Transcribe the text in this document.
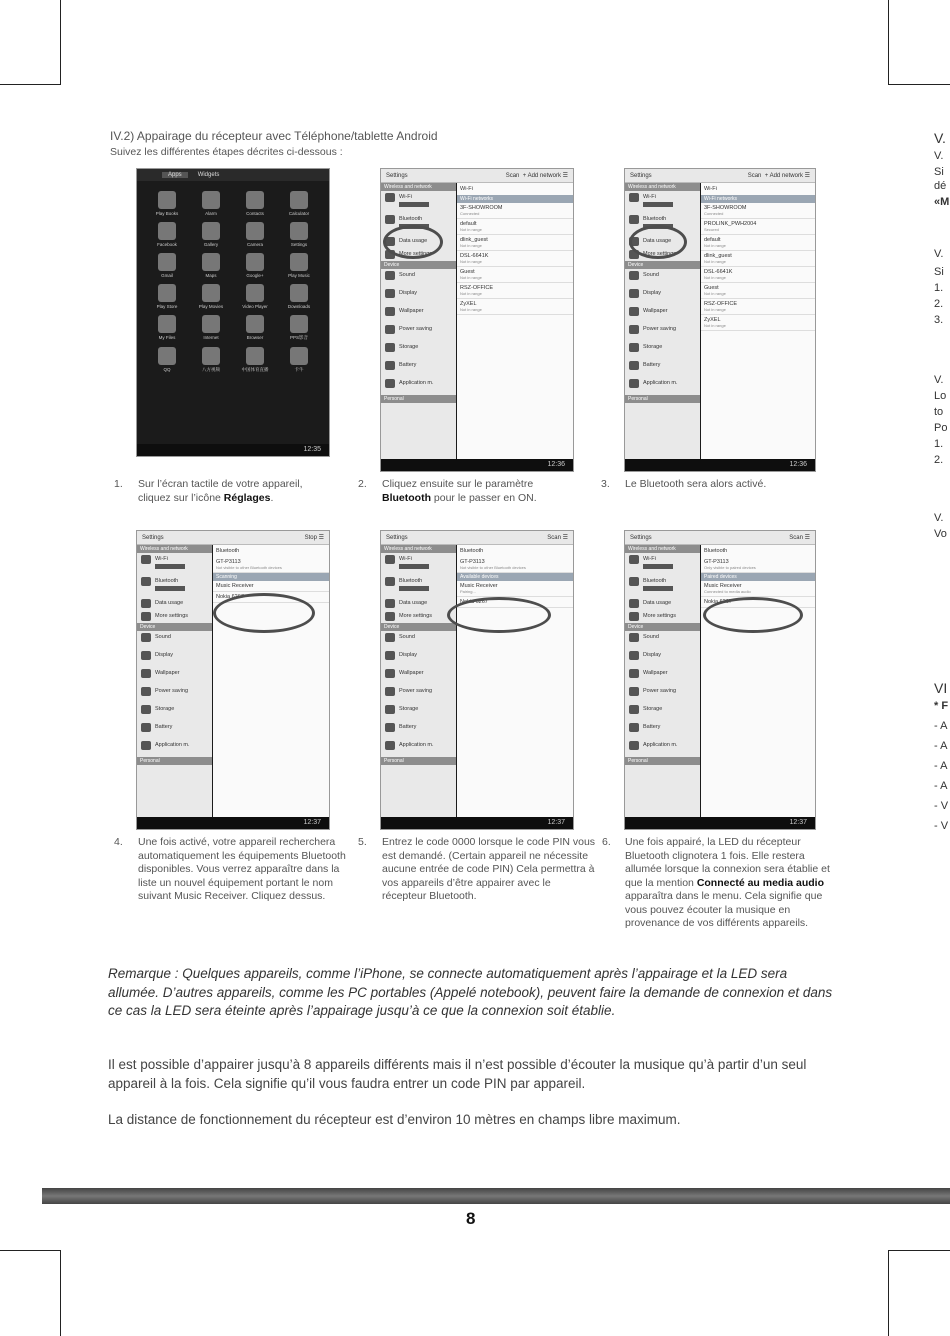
IV.2) Appairage du récepteur avec Téléphone/tablette Android
Suivez les différentes étapes décrites ci-dessous :
Apps	Widgets
Play Books	Alarm	Contacts	Calculator
Facebook	Gallery	Camera	Settings
Gmail	Maps	Google+	Play Music
Play Store	Play Movies	Video Player	Downloads
My Files	Internet	Browser	PPS影音
QQ	八方视频	中国体育直播	卡牛
12:35
Settings	Scan  + Add network ☰
Wireless and network
Wi-Fi
Bluetooth
Data usage
More settings
Device
Sound
Display
Wallpaper
Power saving
Storage
Battery
Application m.
Personal
Wi-Fi
Wi-Fi networks
3F-SHOWROOM
Connected
default
Not in range
dlink_guest
Not in range
DSL-6641K
Not in range
Guest
Not in range
RSZ-OFFICE
Not in range
ZyXEL
Not in range
12:36
Settings	Scan  + Add network ☰
Wireless and network
Wi-Fi
Bluetooth
Data usage
More settings
Device
Sound
Display
Wallpaper
Power saving
Storage
Battery
Application m.
Personal
Wi-Fi
Wi-Fi networks
3F-SHOWROOM
Connected
PROLINK_PWH2004
Secured
default
Not in range
dlink_guest
Not in range
DSL-6641K
Not in range
Guest
Not in range
RSZ-OFFICE
Not in range
ZyXEL
Not in range
12:36
Settings	Stop ☰
Wireless and network
Wi-Fi
Bluetooth
Data usage
More settings
Device
Sound
Display
Wallpaper
Power saving
Storage
Battery
Application m.
Personal
Bluetooth
GT-P3113
Not visible to other Bluetooth devices
Scanning
Music Receiver
Nokia 6267
12:37
Settings	Scan ☰
Wireless and network
Wi-Fi
Bluetooth
Data usage
More settings
Device
Sound
Display
Wallpaper
Power saving
Storage
Battery
Application m.
Personal
Bluetooth
GT-P3113
Not visible to other Bluetooth devices
Available devices
Music Receiver
Pairing...
Nokia 6267
12:37
Settings	Scan ☰
Wireless and network
Wi-Fi
Bluetooth
Data usage
More settings
Device
Sound
Display
Wallpaper
Power saving
Storage
Battery
Application m.
Personal
Bluetooth
GT-P3113
Only visible to paired devices
Paired devices
Music Receiver
Connected to media audio
Nokia 6267
12:37
1. Sur l’écran tactile de votre appareil, cliquez sur l’icône Réglages.
2. Cliquez ensuite sur le paramètre Bluetooth pour le passer en ON.
3. Le Bluetooth sera alors activé.
4. Une fois activé, votre appareil recherchera automatiquement les équipements Bluetooth disponibles. Vous verrez apparaître dans la liste un nouvel équipement portant le nom suivant Music Receiver. Cliquez dessus.
5. Entrez le code 0000 lorsque le code PIN vous est demandé. (Certain appareil ne nécessite aucune entrée de code PIN) Cela permettra à vos appareils d’être appairer avec le récepteur Bluetooth.
6. Une fois appairé, la LED du récepteur Bluetooth clignotera 1 fois. Elle restera allumée lorsque la connexion sera établie et que la mention Connecté au media audio apparaîtra dans le menu. Cela signifie que vous pouvez écouter la musique en provenance de vos différents appareils.
Remarque : Quelques appareils, comme l’iPhone, se connecte automatiquement après l’appairage et la LED sera allumée. D’autres appareils, comme les PC portables (Appelé notebook), peuvent faire la demande de connexion et dans ce cas la LED sera éteinte après l’appairage jusqu’à ce que la connexion soit établie.
Il est possible d’appairer jusqu’à 8 appareils différents mais il n’est possible d’écouter la musique qu’à partir d’un seul appareil à la fois. Cela signifie qu’il vous faudra entrer un code PIN par appareil.
La distance de fonctionnement du récepteur est d’environ 10 mètres en champs libre maximum.
8
V.
V.
Si
dé
«M
V.
Si
1.
2.
3.
V.
Lo
to
Po
1.
2.
V.
Vo
VI
* F
- A
- A
- A
- A
- V
- V
